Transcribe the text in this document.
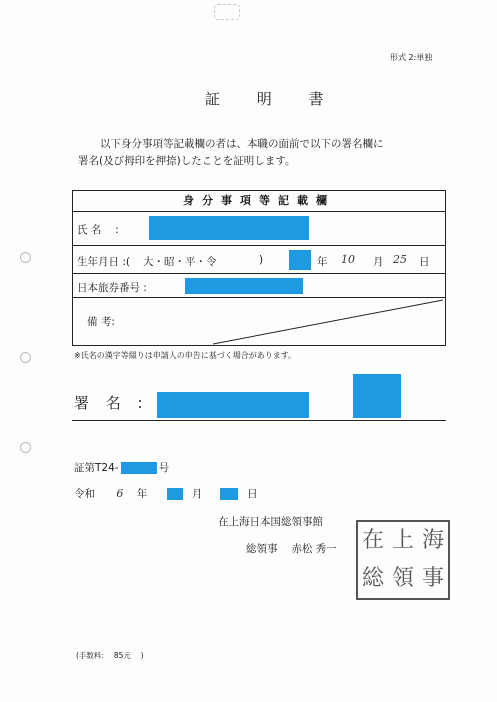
形式 2:単独
証 明 書
以下身分事項等記載欄の者は、本職の面前で以下の署名欄に
署名(及び拇印を押捺)したことを証明します。
身分事項等記載欄
氏 名 　:
生年月日 :( 大・昭・平・令	)	年 10 月 25 日
日本旅券番号 :
備 考:
※氏名の漢字等綴りは申請人の申告に基づく場合があります。
署 名 :
証第T24-	号
令和 6 年	月	日
在上海日本国総領事館
総領事　 赤松 秀一 在 上 海
総 領 事
(手数料:　 85元　 )
